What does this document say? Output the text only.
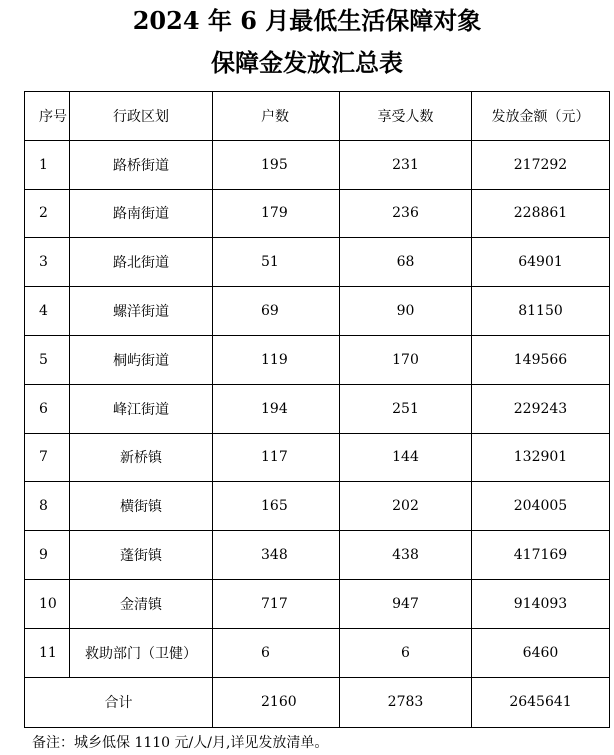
2024 年 6 月最低生活保障对象
保障金发放汇总表
序号	行政区划	户数	享受人数	发放金额（元）
1	路桥街道	195	231	217292
2	路南街道	179	236	228861
3	路北街道	51	68	64901
4	螺洋街道	69	90	81150
5	桐屿街道	119	170	149566
6	峰江街道	194	251	229243
7	新桥镇	117	144	132901
8	横街镇	165	202	204005
9	蓬街镇	348	438	417169
10	金清镇	717	947	914093
11	救助部门（卫健）	6	6	6460
合计		2160	2783	2645641
备注：城乡低保 1110 元/人/月,详见发放清单。
